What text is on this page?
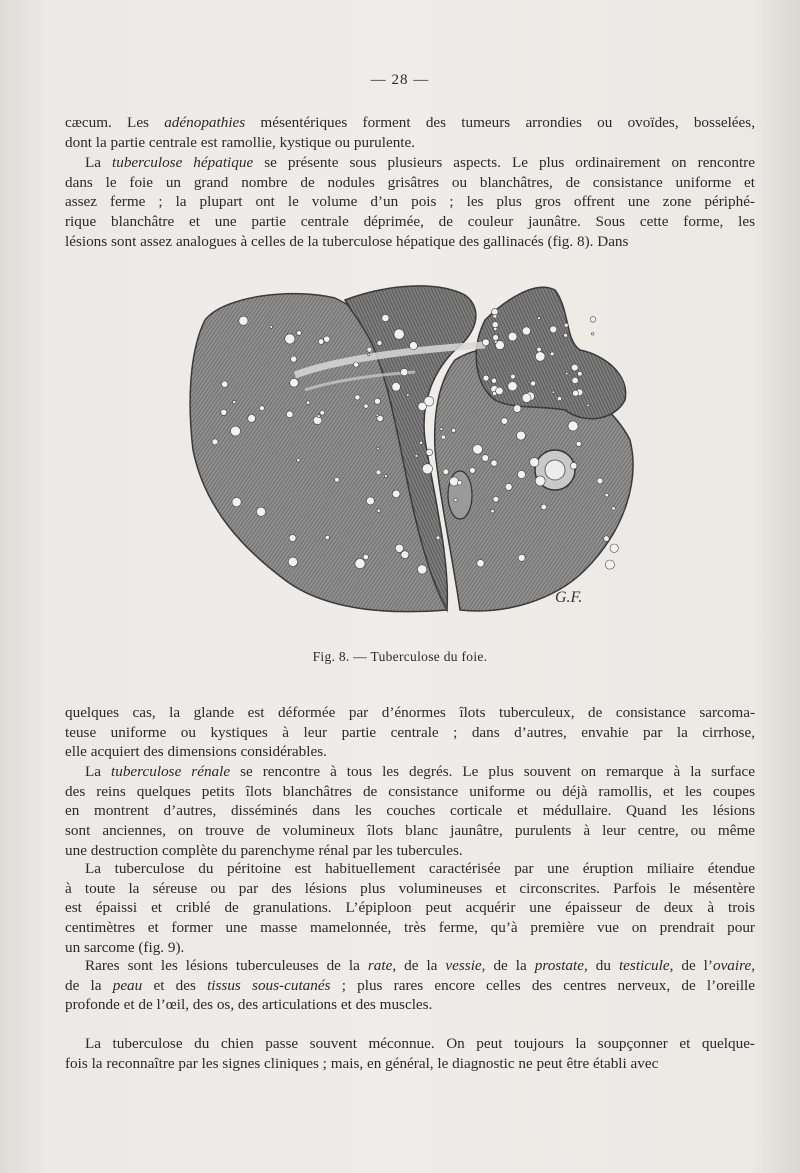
— 28 —
cæcum. Les adénopathies mésentériques forment des tumeurs arrondies ou ovoïdes, bosselées,
dont la partie centrale est ramollie, kystique ou purulente.
La tuberculose hépatique se présente sous plusieurs aspects. Le plus ordinairement on rencontre
dans le foie un grand nombre de nodules grisâtres ou blanchâtres, de consistance uniforme et
assez ferme ; la plupart ont le volume d’un pois ; les plus gros offrent une zone périphé-
rique blanchâtre et une partie centrale déprimée, de couleur jaunâtre. Sous cette forme, les
lésions sont assez analogues à celles de la tuberculose hépatique des gallinacés (fig. 8). Dans
G.F.
Fig. 8. — Tuberculose du foie.
quelques cas, la glande est déformée par d’énormes îlots tuberculeux, de consistance sarcoma-
teuse uniforme ou kystiques à leur partie centrale ; dans d’autres, envahie par la cirrhose,
elle acquiert des dimensions considérables.
La tuberculose rénale se rencontre à tous les degrés. Le plus souvent on remarque à la surface
des reins quelques petits îlots blanchâtres de consistance uniforme ou déjà ramollis, et les coupes
en montrent d’autres, disséminés dans les couches corticale et médullaire. Quand les lésions
sont anciennes, on trouve de volumineux îlots blanc jaunâtre, purulents à leur centre, ou même
une destruction complète du parenchyme rénal par les tubercules.
La tuberculose du péritoine est habituellement caractérisée par une éruption miliaire étendue
à toute la séreuse ou par des lésions plus volumineuses et circonscrites. Parfois le mésentère
est épaissi et criblé de granulations. L’épiploon peut acquérir une épaisseur de deux à trois
centimètres et former une masse mamelonnée, très ferme, qu’à première vue on prendrait pour
un sarcome (fig. 9).
Rares sont les lésions tuberculeuses de la rate, de la vessie, de la prostate, du testicule, de l’ovaire,
de la peau et des tissus sous-cutanés ; plus rares encore celles des centres nerveux, de l’oreille
profonde et de l’œil, des os, des articulations et des muscles.
La tuberculose du chien passe souvent méconnue. On peut toujours la soupçonner et quelque-
fois la reconnaître par les signes cliniques ; mais, en général, le diagnostic ne peut être établi avec
